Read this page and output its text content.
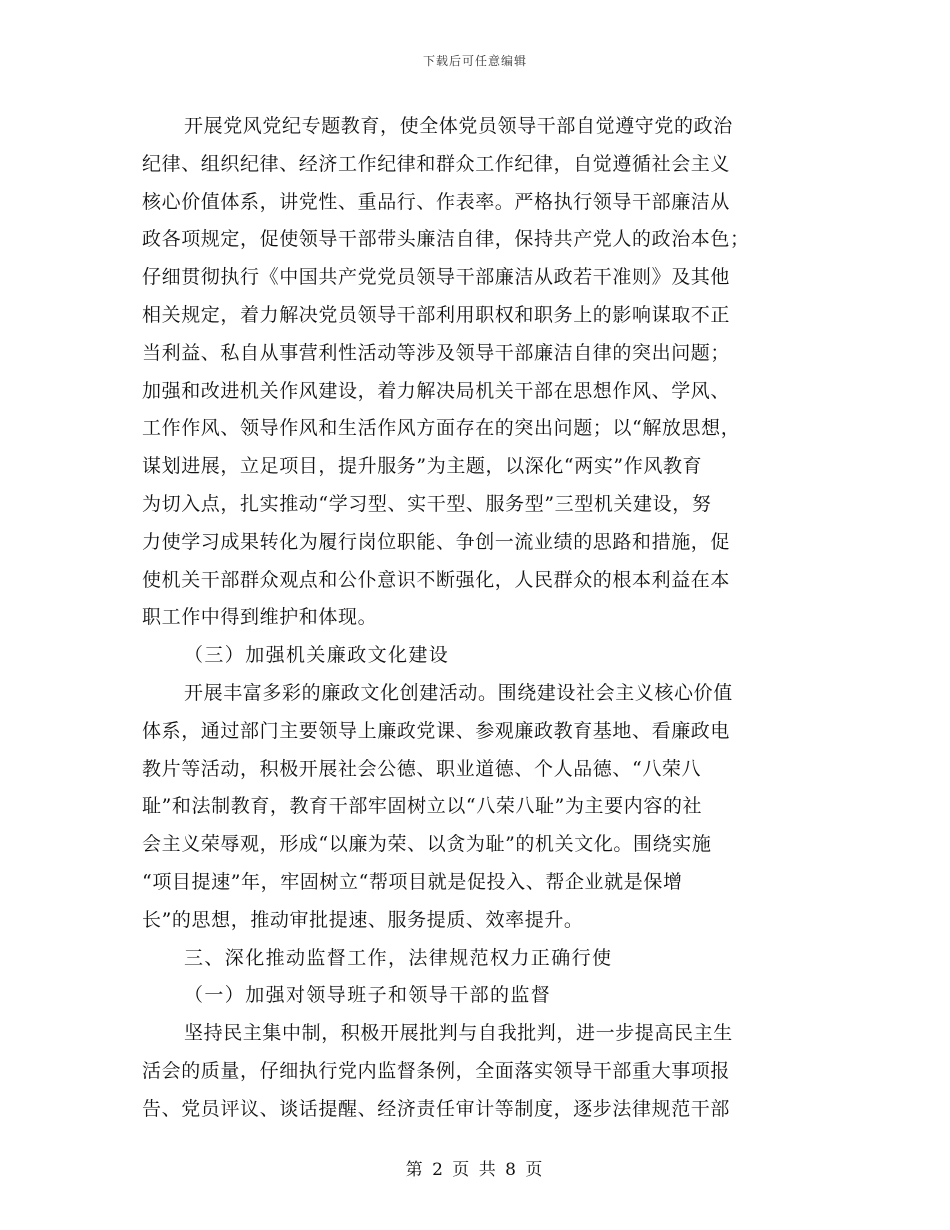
下载后可任意编辑
开展党风党纪专题教育，使全体党员领导干部自觉遵守党的政治
纪律、组织纪律、经济工作纪律和群众工作纪律，自觉遵循社会主义
核心价值体系，讲党性、重品行、作表率。严格执行领导干部廉洁从
政各项规定，促使领导干部带头廉洁自律，保持共产党人的政治本色；
仔细贯彻执行《中国共产党党员领导干部廉洁从政若干准则》及其他
相关规定，着力解决党员领导干部利用职权和职务上的影响谋取不正
当利益、私自从事营利性活动等涉及领导干部廉洁自律的突出问题；
加强和改进机关作风建设，着力解决局机关干部在思想作风、学风、
工作作风、领导作风和生活作风方面存在的突出问题；以“解放思想，
谋划进展，立足项目，提升服务”为主题，以深化“两实”作风教育
为切入点，扎实推动“学习型、实干型、服务型”三型机关建设，努
力使学习成果转化为履行岗位职能、争创一流业绩的思路和措施，促
使机关干部群众观点和公仆意识不断强化，人民群众的根本利益在本
职工作中得到维护和体现。
（三）加强机关廉政文化建设
开展丰富多彩的廉政文化创建活动。围绕建设社会主义核心价值
体系，通过部门主要领导上廉政党课、参观廉政教育基地、看廉政电
教片等活动，积极开展社会公德、职业道德、个人品德、“八荣八
耻”和法制教育，教育干部牢固树立以“八荣八耻”为主要内容的社
会主义荣辱观，形成“以廉为荣、以贪为耻”的机关文化。围绕实施
“项目提速”年，牢固树立“帮项目就是促投入、帮企业就是保增
长”的思想，推动审批提速、服务提质、效率提升。
三、深化推动监督工作，法律规范权力正确行使
（一）加强对领导班子和领导干部的监督
坚持民主集中制，积极开展批判与自我批判，进一步提高民主生
活会的质量，仔细执行党内监督条例，全面落实领导干部重大事项报
告、党员评议、谈话提醒、经济责任审计等制度，逐步法律规范干部
第 2 页 共 8 页
